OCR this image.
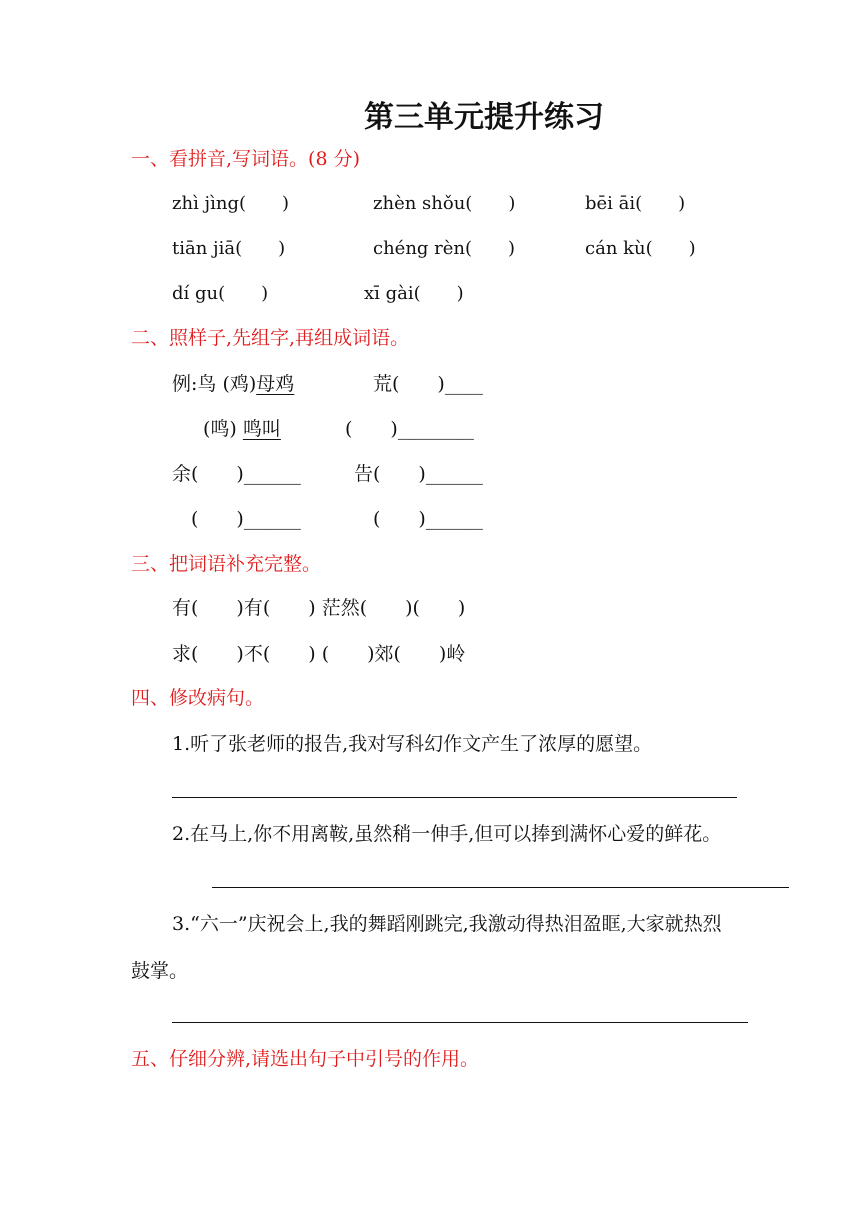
第三单元提升练习
一、看拼音,写词语。(8 分)
zhì jìng(　　)	zhèn shǒu(　　)	bēi āi(　　)
tiān jiā(　　)	chéng rèn(　　)	cán kù(　　)
dí gu(　　)	xī gài(　　)
二、照样子,先组字,再组成词语。
例:鸟 (鸡)母鸡	荒(　　)____
(鸣) 鸣叫	(　　)________
余(　　)______	告(　　)______
(　　)______	(　　)______
三、把词语补充完整。
有(　　)有(　　) 茫然(　　)(　　)
求(　　)不(　　) (　　)郊(　　)岭
四、修改病句。
1.听了张老师的报告,我对写科幻作文产生了浓厚的愿望。
2.在马上,你不用离鞍,虽然稍一伸手,但可以捧到满怀心爱的鲜花。
3.“六一”庆祝会上,我的舞蹈刚跳完,我激动得热泪盈眶,大家就热烈
鼓掌。
五、仔细分辨,请选出句子中引号的作用。
